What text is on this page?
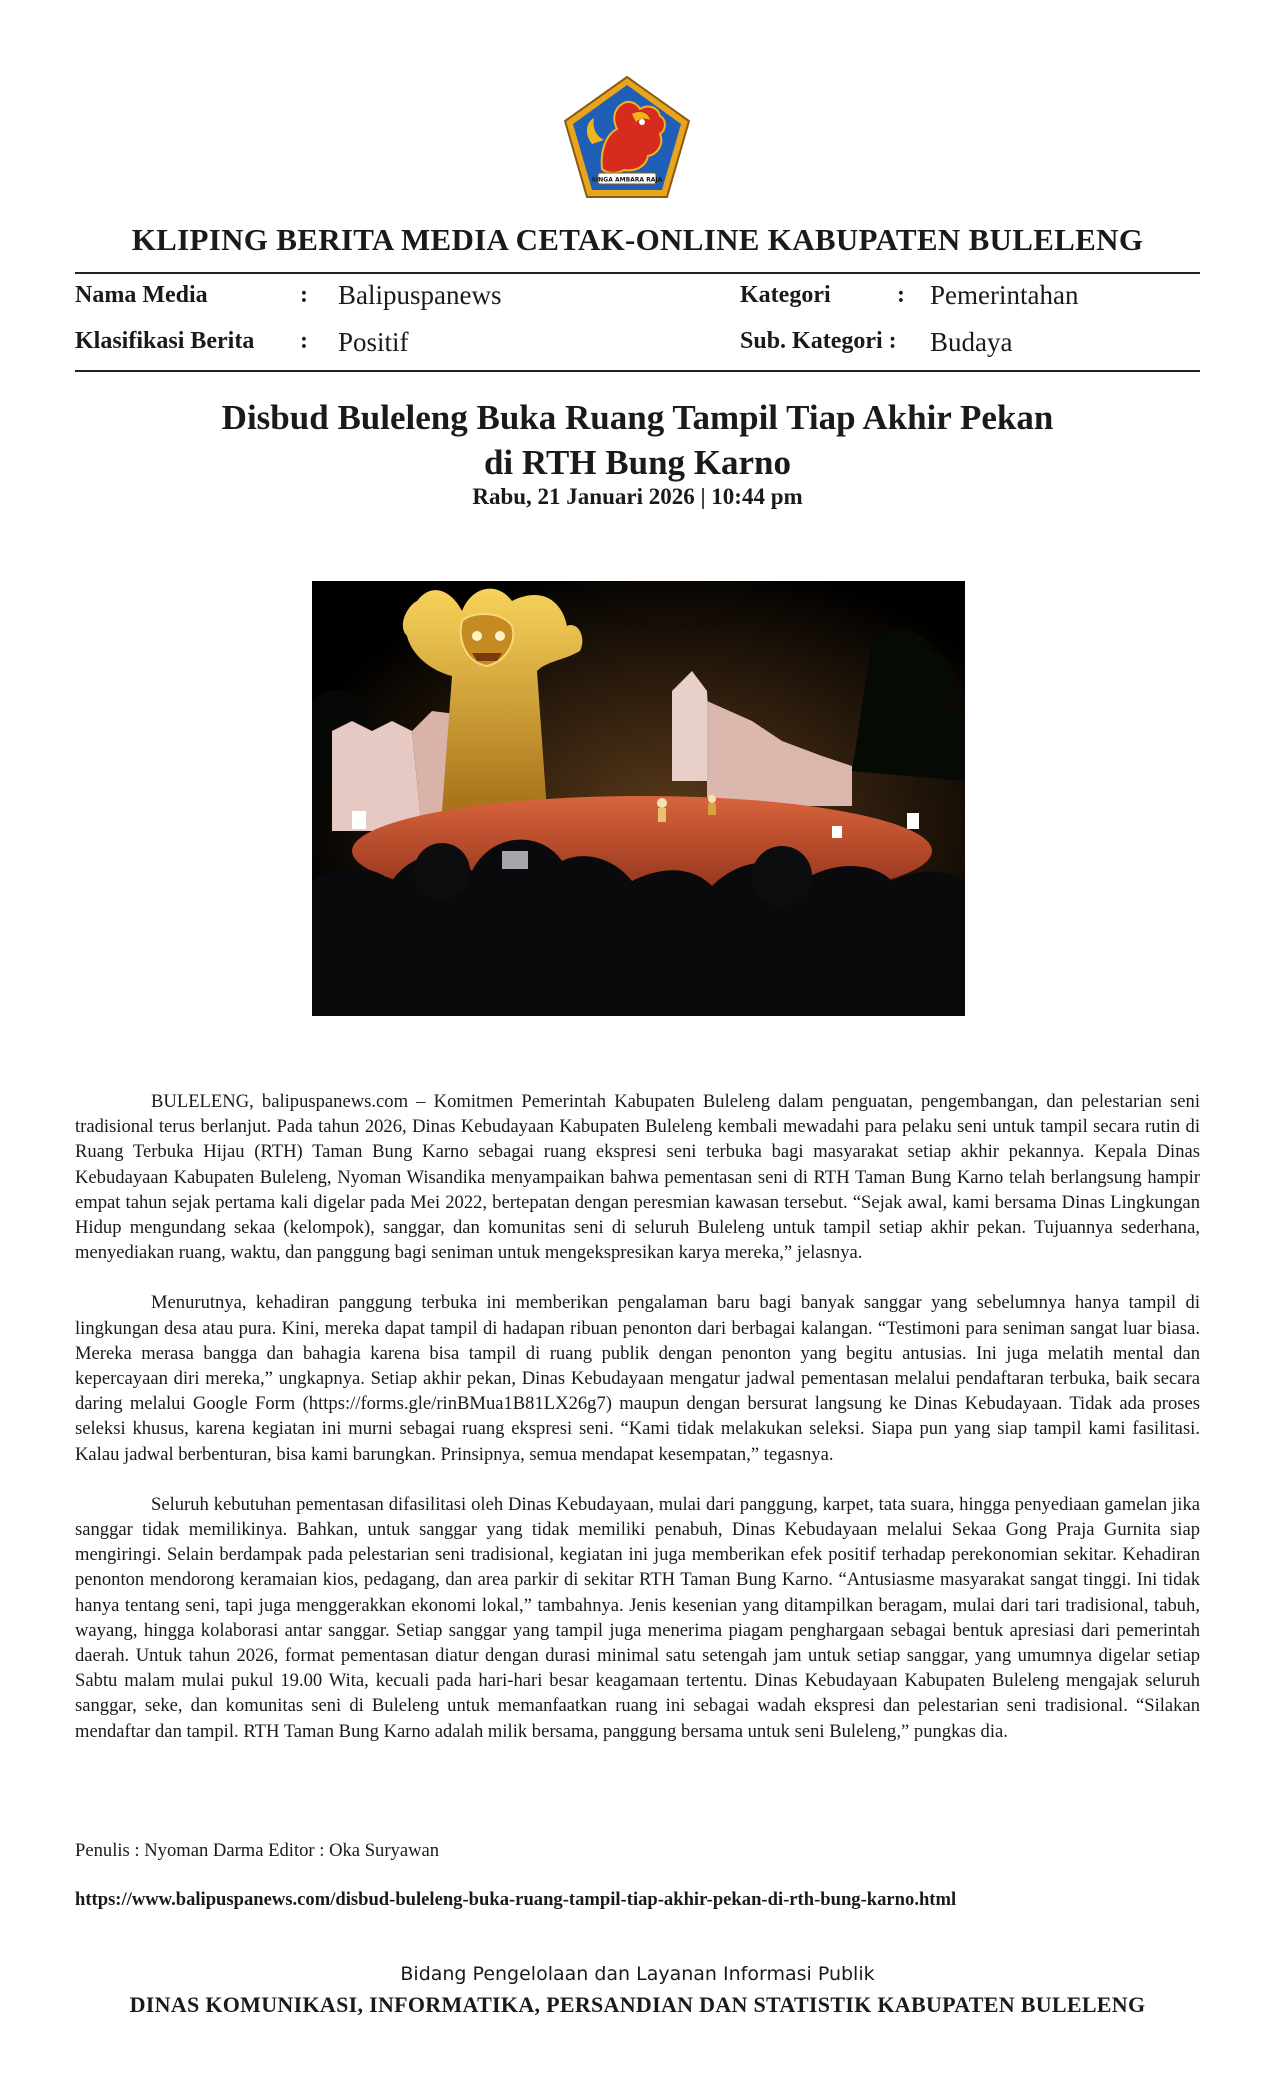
SINGA AMBARA RAJA
KLIPING BERITA MEDIA CETAK-ONLINE KABUPATEN BULELENG
Nama Media	: Balipuspanews	Kategori	: Pemerintahan
Klasifikasi Berita : Positif	Sub. Kategori : Budaya
Disbud Buleleng Buka Ruang Tampil Tiap Akhir Pekan
di RTH Bung Karno
Rabu, 21 Januari 2026 | 10:44 pm

BULELENG, balipuspanews.com – Komitmen Pemerintah Kabupaten Buleleng dalam penguatan, pengembangan, dan pelestarian seni tradisional terus berlanjut. Pada tahun 2026, Dinas Kebudayaan Kabupaten Buleleng kembali mewadahi para pelaku seni untuk tampil secara rutin di Ruang Terbuka Hijau (RTH) Taman Bung Karno sebagai ruang ekspresi seni terbuka bagi masyarakat setiap akhir pekannya. Kepala Dinas Kebudayaan Kabupaten Buleleng, Nyoman Wisandika menyampaikan bahwa pementasan seni di RTH Taman Bung Karno telah berlangsung hampir empat tahun sejak pertama kali digelar pada Mei 2022, bertepatan dengan peresmian kawasan tersebut. “Sejak awal, kami bersama Dinas Lingkungan Hidup mengundang sekaa (kelompok), sanggar, dan komunitas seni di seluruh Buleleng untuk tampil setiap akhir pekan. Tujuannya sederhana, menyediakan ruang, waktu, dan panggung bagi seniman untuk mengekspresikan karya mereka,” jelasnya.

Menurutnya, kehadiran panggung terbuka ini memberikan pengalaman baru bagi banyak sanggar yang sebelumnya hanya tampil di lingkungan desa atau pura. Kini, mereka dapat tampil di hadapan ribuan penonton dari berbagai kalangan. “Testimoni para seniman sangat luar biasa. Mereka merasa bangga dan bahagia karena bisa tampil di ruang publik dengan penonton yang begitu antusias. Ini juga melatih mental dan kepercayaan diri mereka,” ungkapnya. Setiap akhir pekan, Dinas Kebudayaan mengatur jadwal pementasan melalui pendaftaran terbuka, baik secara daring melalui Google Form (https://forms.gle/rinBMua1B81LX26g7) maupun dengan bersurat langsung ke Dinas Kebudayaan. Tidak ada proses seleksi khusus, karena kegiatan ini murni sebagai ruang ekspresi seni. “Kami tidak melakukan seleksi. Siapa pun yang siap tampil kami fasilitasi. Kalau jadwal berbenturan, bisa kami barungkan. Prinsipnya, semua mendapat kesempatan,” tegasnya.

Seluruh kebutuhan pementasan difasilitasi oleh Dinas Kebudayaan, mulai dari panggung, karpet, tata suara, hingga penyediaan gamelan jika sanggar tidak memilikinya. Bahkan, untuk sanggar yang tidak memiliki penabuh, Dinas Kebudayaan melalui Sekaa Gong Praja Gurnita siap mengiringi. Selain berdampak pada pelestarian seni tradisional, kegiatan ini juga memberikan efek positif terhadap perekonomian sekitar. Kehadiran penonton mendorong keramaian kios, pedagang, dan area parkir di sekitar RTH Taman Bung Karno. “Antusiasme masyarakat sangat tinggi. Ini tidak hanya tentang seni, tapi juga menggerakkan ekonomi lokal,” tambahnya. Jenis kesenian yang ditampilkan beragam, mulai dari tari tradisional, tabuh, wayang, hingga kolaborasi antar sanggar. Setiap sanggar yang tampil juga menerima piagam penghargaan sebagai bentuk apresiasi dari pemerintah daerah. Untuk tahun 2026, format pementasan diatur dengan durasi minimal satu setengah jam untuk setiap sanggar, yang umumnya digelar setiap Sabtu malam mulai pukul 19.00 Wita, kecuali pada hari-hari besar keagamaan tertentu. Dinas Kebudayaan Kabupaten Buleleng mengajak seluruh sanggar, seke, dan komunitas seni di Buleleng untuk memanfaatkan ruang ini sebagai wadah ekspresi dan pelestarian seni tradisional. “Silakan mendaftar dan tampil. RTH Taman Bung Karno adalah milik bersama, panggung bersama untuk seni Buleleng,” pungkas dia.

Penulis : Nyoman Darma Editor : Oka Suryawan
https://www.balipuspanews.com/disbud-buleleng-buka-ruang-tampil-tiap-akhir-pekan-di-rth-bung-karno.html
Bidang Pengelolaan dan Layanan Informasi Publik
DINAS KOMUNIKASI, INFORMATIKA, PERSANDIAN DAN STATISTIK KABUPATEN BULELENG
